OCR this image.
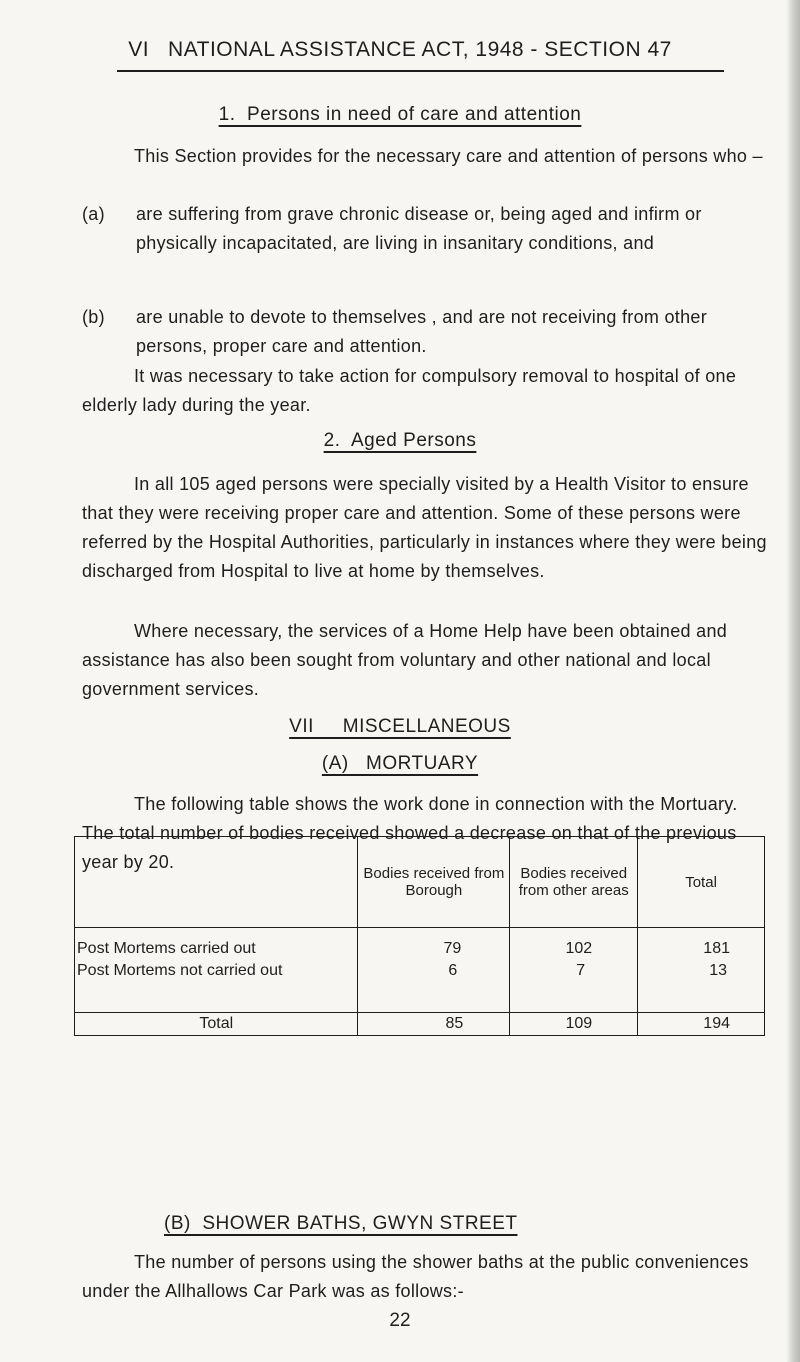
VI   NATIONAL ASSISTANCE ACT, 1948 - SECTION 47

1.  Persons in need of care and attention

This Section provides for the necessary care and attention of persons who –

(a) are suffering from grave chronic disease or, being aged and infirm or physically incapacitated, are living in insanitary conditions, and
(b) are unable to devote to themselves , and are not receiving from other persons, proper care and attention.

It was necessary to take action for compulsory removal to hospital of one elderly lady during the year.

2.  Aged Persons

In all 105 aged persons were specially visited by a Health Visitor to ensure that they were receiving proper care and attention. Some of these persons were referred by the Hospital Authorities, particularly in instances where they were being discharged from Hospital to live at home by themselves.

Where necessary, the services of a Home Help have been obtained and assistance has also been sought from voluntary and other national and local government services.

VII     MISCELLANEOUS

(A)   MORTUARY

The following table shows the work done in connection with the Mortuary. The total number of bodies received showed a decrease on that of the previous year by 20.

	Bodies received from Borough	Bodies received from other areas	Total
Post Mortems carried out	79	102	181
Post Mortems not carried out	6	7	13
Total	85	109	194

(B)  SHOWER BATHS, GWYN STREET

The number of persons using the shower baths at the public conveniences under the Allhallows Car Park was as follows:-

22
